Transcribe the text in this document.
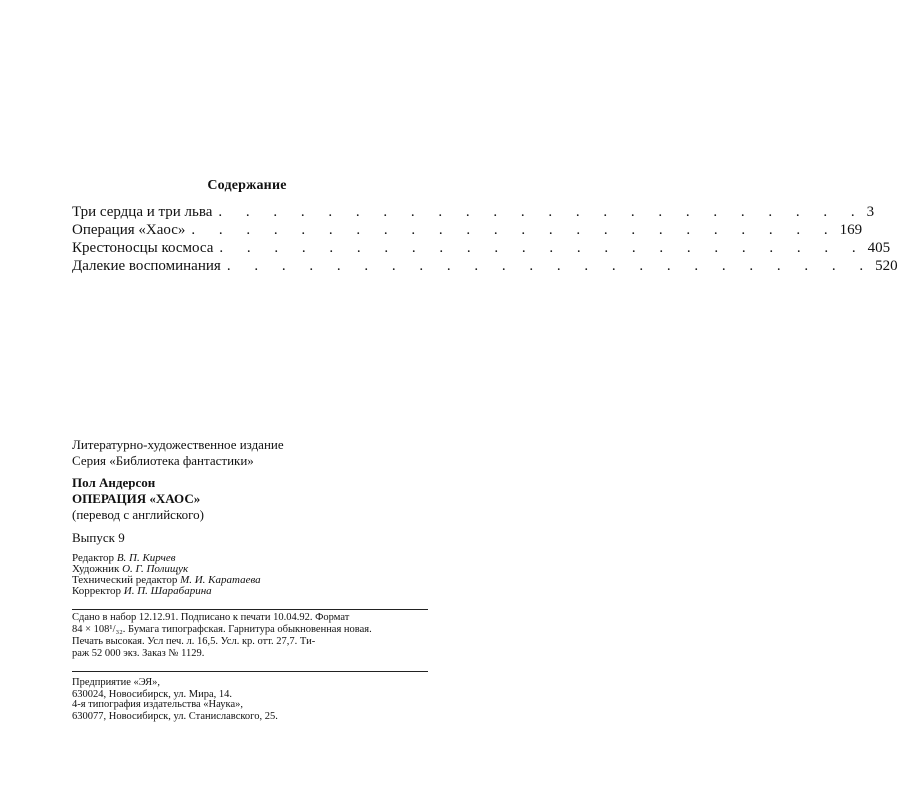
Содержание
Три сердца и три льва . . . . . . . . . . . . . . . . . . . . . . . . 3
Операция «Хаос» . . . . . . . . . . . . . . . . . . . . . . . . 169
Крестоносцы космоса . . . . . . . . . . . . . . . . . . . . . . . . 405
Далекие воспоминания . . . . . . . . . . . . . . . . . . . . . . . . 520
Литературно-художественное издание
Серия «Библиотека фантастики»
Пол Андерсон
ОПЕРАЦИЯ «ХАОС»
(перевод с английского)
Выпуск 9
Редактор В. П. Кирчев
Художник О. Г. Полищук
Технический редактор М. И. Каратаева
Корректор И. П. Шарабарина
Сдано в набор 12.12.91. Подписано к печати 10.04.92. Формат
84 × 108¹/₃₂. Бумага типографская. Гарнитура обыкновенная новая.
Печать высокая. Усл печ. л. 16,5. Усл. кр. отт. 27,7. Ти-
раж 52 000 экз. Заказ № 1129.
Предприятие «ЭЯ»,
630024, Новосибирск, ул. Мира, 14.
4-я типография издательства «Наука»,
630077, Новосибирск, ул. Станиславского, 25.
